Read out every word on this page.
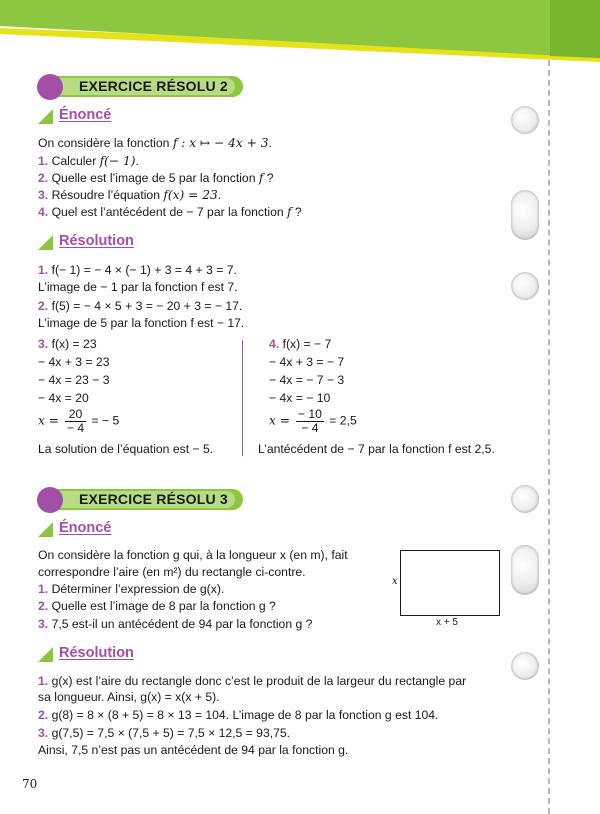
EXERCICE RÉSOLU 2
Énoncé
On considère la fonction f : x ↦ − 4x + 3.
1. Calculer f(− 1).
2. Quelle est l’image de 5 par la fonction f ?
3. Résoudre l’équation f(x) = 23.
4. Quel est l’antécédent de − 7 par la fonction f ?
Résolution
1. f(− 1) = − 4 × (− 1) + 3 = 4 + 3 = 7.
L’image de − 1 par la fonction f est 7.
2. f(5) = − 4 × 5 + 3 = − 20 + 3 = − 17.
L’image de 5 par la fonction f est − 17.
3. f(x) = 23
− 4x + 3 = 23
− 4x = 23 − 3
− 4x = 20
$x = \frac{20}{- 4}$ = − 5
La solution de l’équation est − 5.
4. f(x) = − 7
− 4x + 3 = − 7
− 4x = − 7 − 3
− 4x = − 10
$x = \frac{- 10}{- 4} = 2,5$
L’antécédent de − 7 par la fonction f est 2,5.
EXERCICE RÉSOLU 3
Énoncé
On considère la fonction g qui, à la longueur x (en m), fait
correspondre l’aire (en m²) du rectangle ci-contre.
1. Déterminer l’expression de g(x).
2. Quelle est l’image de 8 par la fonction g ?
3. 7,5 est-il un antécédent de 94 par la fonction g ?
x
x + 5
Résolution
1. g(x) est l’aire du rectangle donc c’est le produit de la largeur du rectangle par
sa longueur. Ainsi, g(x) = x(x + 5).
2. g(8) = 8 × (8 + 5) = 8 × 13 = 104. L’image de 8 par la fonction g est 104.
3. g(7,5) = 7,5 × (7,5 + 5) = 7,5 × 12,5 = 93,75.
Ainsi, 7,5 n’est pas un antécédent de 94 par la fonction g.
70
